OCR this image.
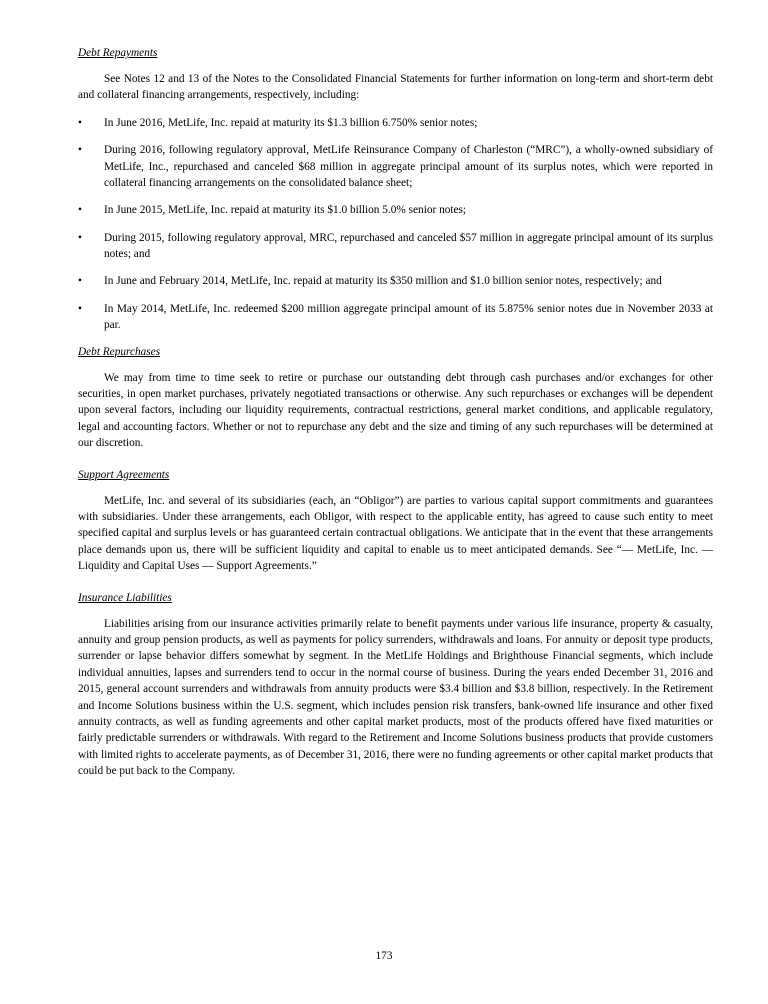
Debt Repayments

See Notes 12 and 13 of the Notes to the Consolidated Financial Statements for further information on long-term and short-term debt and collateral financing arrangements, respectively, including:

• In June 2016, MetLife, Inc. repaid at maturity its $1.3 billion 6.750% senior notes;
• During 2016, following regulatory approval, MetLife Reinsurance Company of Charleston (“MRC”), a wholly-owned subsidiary of MetLife, Inc., repurchased and canceled $68 million in aggregate principal amount of its surplus notes, which were reported in collateral financing arrangements on the consolidated balance sheet;
• In June 2015, MetLife, Inc. repaid at maturity its $1.0 billion 5.0% senior notes;
• During 2015, following regulatory approval, MRC, repurchased and canceled $57 million in aggregate principal amount of its surplus notes; and
• In June and February 2014, MetLife, Inc. repaid at maturity its $350 million and $1.0 billion senior notes, respectively; and
• In May 2014, MetLife, Inc. redeemed $200 million aggregate principal amount of its 5.875% senior notes due in November 2033 at par.
Debt Repurchases

We may from time to time seek to retire or purchase our outstanding debt through cash purchases and/or exchanges for other securities, in open market purchases, privately negotiated transactions or otherwise. Any such repurchases or exchanges will be dependent upon several factors, including our liquidity requirements, contractual restrictions, general market conditions, and applicable regulatory, legal and accounting factors. Whether or not to repurchase any debt and the size and timing of any such repurchases will be determined at our discretion.

Support Agreements

MetLife, Inc. and several of its subsidiaries (each, an “Obligor”) are parties to various capital support commitments and guarantees with subsidiaries. Under these arrangements, each Obligor, with respect to the applicable entity, has agreed to cause such entity to meet specified capital and surplus levels or has guaranteed certain contractual obligations. We anticipate that in the event that these arrangements place demands upon us, there will be sufficient liquidity and capital to enable us to meet anticipated demands. See “— MetLife, Inc. — Liquidity and Capital Uses — Support Agreements.”

Insurance Liabilities

Liabilities arising from our insurance activities primarily relate to benefit payments under various life insurance, property & casualty, annuity and group pension products, as well as payments for policy surrenders, withdrawals and loans. For annuity or deposit type products, surrender or lapse behavior differs somewhat by segment. In the MetLife Holdings and Brighthouse Financial segments, which include individual annuities, lapses and surrenders tend to occur in the normal course of business. During the years ended December 31, 2016 and 2015, general account surrenders and withdrawals from annuity products were $3.4 billion and $3.8 billion, respectively. In the Retirement and Income Solutions business within the U.S. segment, which includes pension risk transfers, bank-owned life insurance and other fixed annuity contracts, as well as funding agreements and other capital market products, most of the products offered have fixed maturities or fairly predictable surrenders or withdrawals. With regard to the Retirement and Income Solutions business products that provide customers with limited rights to accelerate payments, as of December 31, 2016, there were no funding agreements or other capital market products that could be put back to the Company.

173
